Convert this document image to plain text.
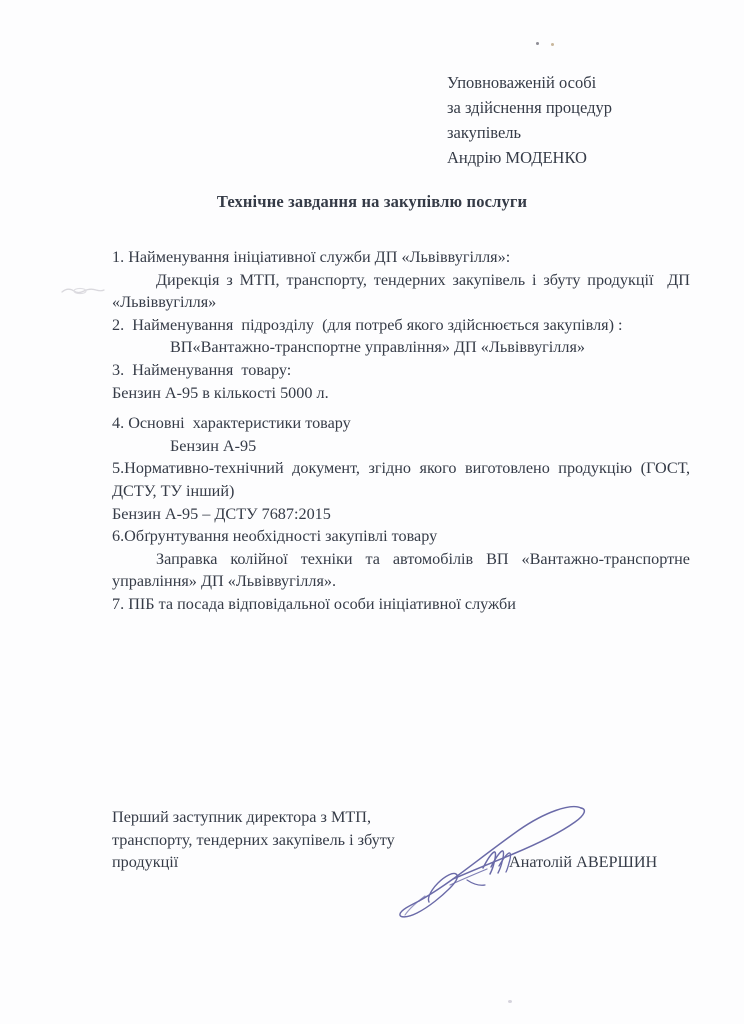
Уповноваженій особі
за здійснення процедур
закупівель
Андрію МОДЕНКО
Технічне завдання на закупівлю послуги
1. Найменування ініціативної служби ДП «Львіввугілля»:
Дирекція з МТП, транспорту, тендерних закупівель і збуту продукції  ДП «Львіввугілля»
2.  Найменування  підрозділу  (для потреб якого здійснюється закупівля) :
ВП«Вантажно-транспортне управління» ДП «Львіввугілля»
3.  Найменування  товару:
Бензин А-95 в кількості 5000 л.
4. Основні  характеристики товару
Бензин А-95
5.Нормативно-технічний документ, згідно якого виготовлено продукцію (ГОСТ, ДСТУ, ТУ інший)
Бензин А-95 – ДСТУ 7687:2015
6.Обґрунтування необхідності закупівлі товару
Заправка колійної техніки та автомобілів ВП «Вантажно-транспортне управління» ДП «Львіввугілля».
7. ПІБ та посада відповідальної особи ініціативної служби
Перший заступник директора з МТП, транспорту, тендерних закупівель і збуту продукції	Анатолій АВЕРШИН
